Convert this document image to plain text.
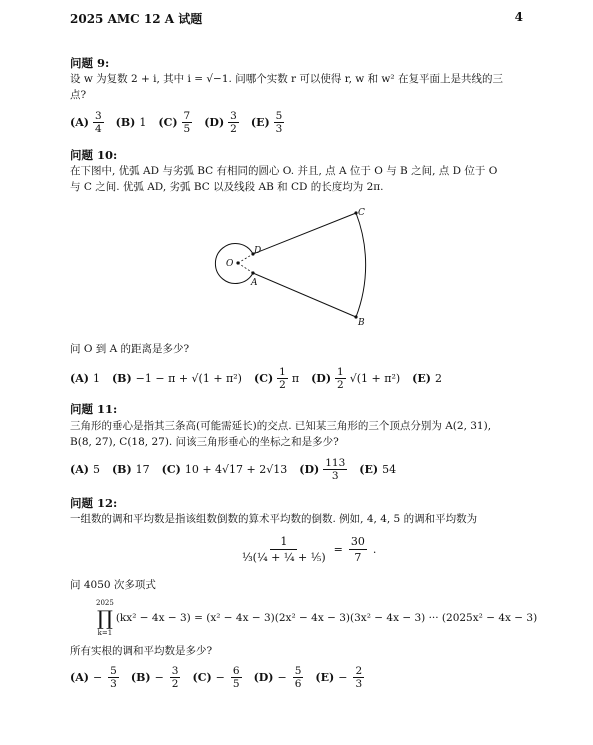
2025 AMC 12 A 试题	4
问题 9:
设 w 为复数 2 + i, 其中 i = √−1. 问哪个实数 r 可以使得 r, w 和 w² 在复平面上是共线的三
点?
$(A) \frac{3}{4} (B)$ 1 $(C) \frac{7}{5} (D) \frac{3}{2} (E) \frac{5}{3}$
问题 10:
在下图中, 优弧 AD 与劣弧 BC 有相同的圆心 O. 并且, 点 A 位于 O 与 B 之间, 点 D 位于 O
与 C 之间. 优弧 AD, 劣弧 BC 以及线段 AB 和 CD 的长度均为 2π.
O
D
A
C
B
问 O 到 A 的距离是多少?
(A) 1 (B) −1 − π + √(1 + π²) $(C) \frac{1}{2}$ π $(D) \frac{1}{2} √(1 + \pi^2)$ (E) 2
问题 11:
三角形的垂心是指其三条高(可能需延长)的交点. 已知某三角形的三个顶点分别为 A(2, 31),
B(8, 27), C(18, 27). 问该三角形垂心的坐标之和是多少?
(A) 5 (B) 17 (C) 10 + 4√17 + 2√13 $(D) \frac{113}{3} (E)$ 54
问题 12:
一组数的调和平均数是指该组数倒数的算术平均数的倒数. 例如, 4, 4, 5 的调和平均数为
$\frac{1}{\text{⅓(¼ + ¼ + ⅕)}} = \frac{30}{7}$ .
问 4050 次多项式
2025
∏
k=1
(kx² − 4x − 3) = (x² − 4x − 3)(2x² − 4x − 3)(3x² − 4x − 3) ··· (2025x² − 4x − 3)
所有实根的调和平均数是多少?
$(A) - \frac{5}{3} (B) - \frac{3}{2} (C) - \frac{6}{5} (D) - \frac{5}{6} (E) - \frac{2}{3}$
